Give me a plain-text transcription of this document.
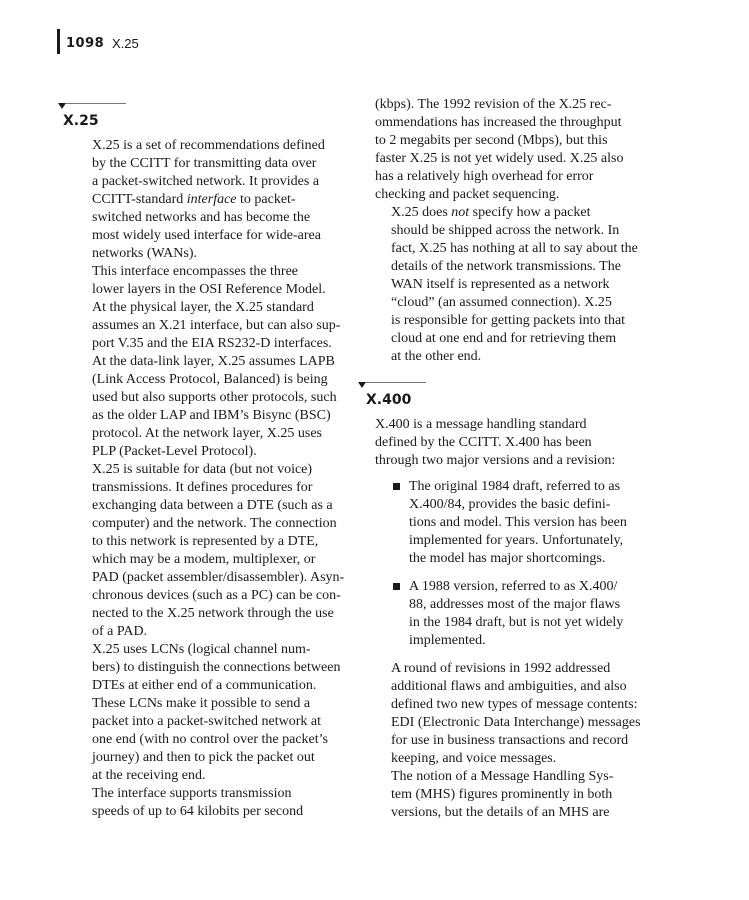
1098 X.25
X.25

X.25 is a set of recommendations defined
by the CCITT for transmitting data over
a packet-switched network. It provides a
CCITT-standard interface to packet-
switched networks and has become the
most widely used interface for wide-area
networks (WANs).

This interface encompasses the three
lower layers in the OSI Reference Model.
At the physical layer, the X.25 standard
assumes an X.21 interface, but can also sup-
port V.35 and the EIA RS232-D interfaces.
At the data-link layer, X.25 assumes LAPB
(Link Access Protocol, Balanced) is being
used but also supports other protocols, such
as the older LAP and IBM’s Bisync (BSC)
protocol. At the network layer, X.25 uses
PLP (Packet-Level Protocol).

X.25 is suitable for data (but not voice)
transmissions. It defines procedures for
exchanging data between a DTE (such as a
computer) and the network. The connection
to this network is represented by a DTE,
which may be a modem, multiplexer, or
PAD (packet assembler/disassembler). Asyn-
chronous devices (such as a PC) can be con-
nected to the X.25 network through the use
of a PAD.

X.25 uses LCNs (logical channel num-
bers) to distinguish the connections between
DTEs at either end of a communication.
These LCNs make it possible to send a
packet into a packet-switched network at
one end (with no control over the packet’s
journey) and then to pick the packet out
at the receiving end.

The interface supports transmission
speeds of up to 64 kilobits per second

(kbps). The 1992 revision of the X.25 rec-
ommendations has increased the throughput
to 2 megabits per second (Mbps), but this
faster X.25 is not yet widely used. X.25 also
has a relatively high overhead for error
checking and packet sequencing.

X.25 does not specify how a packet
should be shipped across the network. In
fact, X.25 has nothing at all to say about the
details of the network transmissions. The
WAN itself is represented as a network
“cloud” (an assumed connection). X.25
is responsible for getting packets into that
cloud at one end and for retrieving them
at the other end.

X.400

X.400 is a message handling standard
defined by the CCITT. X.400 has been
through two major versions and a revision:

The original 1984 draft, referred to as
X.400/84, provides the basic defini-
tions and model. This version has been
implemented for years. Unfortunately,
the model has major shortcomings.
A 1988 version, referred to as X.400/
88, addresses most of the major flaws
in the 1984 draft, but is not yet widely
implemented.

A round of revisions in 1992 addressed
additional flaws and ambiguities, and also
defined two new types of message contents:
EDI (Electronic Data Interchange) messages
for use in business transactions and record
keeping, and voice messages.

The notion of a Message Handling Sys-
tem (MHS) figures prominently in both
versions, but the details of an MHS are
